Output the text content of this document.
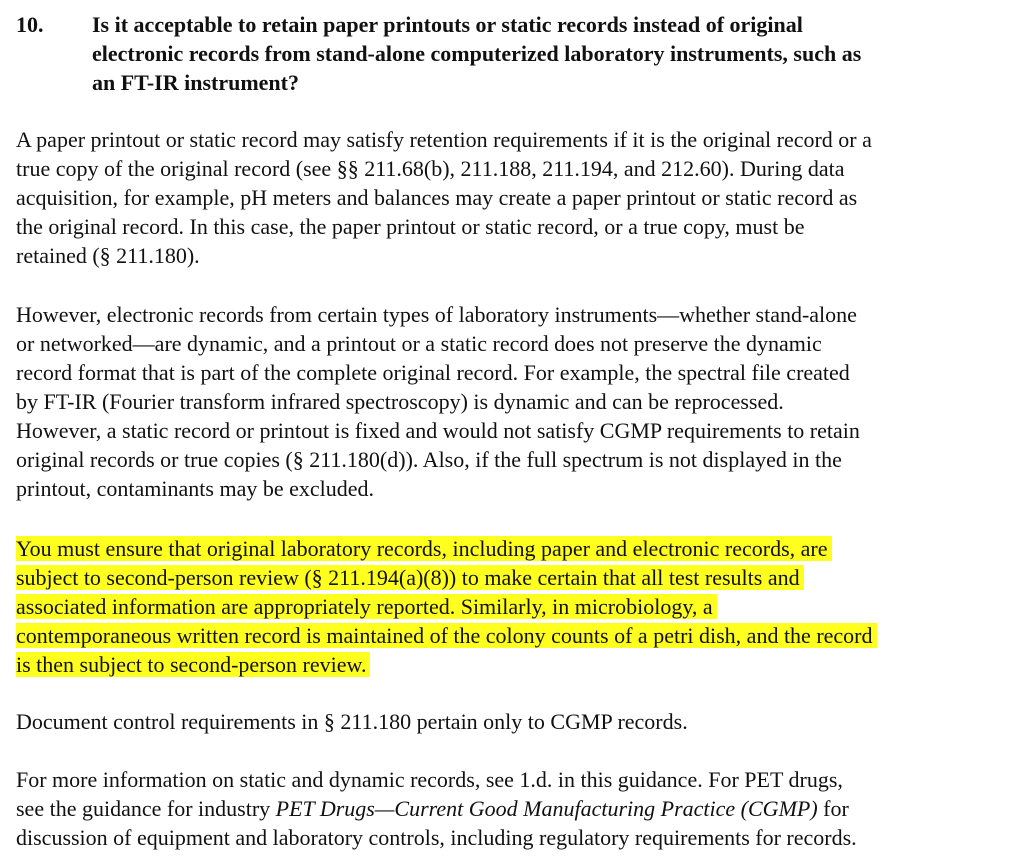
10. Is it acceptable to retain paper printouts or static records instead of original
electronic records from stand-alone computerized laboratory instruments, such as
an FT-IR instrument?

A paper printout or static record may satisfy retention requirements if it is the original record or a
true copy of the original record (see §§ 211.68(b), 211.188, 211.194, and 212.60). During data
acquisition, for example, pH meters and balances may create a paper printout or static record as
the original record. In this case, the paper printout or static record, or a true copy, must be
retained (§ 211.180).

However, electronic records from certain types of laboratory instruments—whether stand-alone
or networked—are dynamic, and a printout or a static record does not preserve the dynamic
record format that is part of the complete original record. For example, the spectral file created
by FT-IR (Fourier transform infrared spectroscopy) is dynamic and can be reprocessed.
However, a static record or printout is fixed and would not satisfy CGMP requirements to retain
original records or true copies (§ 211.180(d)). Also, if the full spectrum is not displayed in the
printout, contaminants may be excluded.

You must ensure that original laboratory records, including paper and electronic records, are
subject to second-person review (§ 211.194(a)(8)) to make certain that all test results and
associated information are appropriately reported. Similarly, in microbiology, a
contemporaneous written record is maintained of the colony counts of a petri dish, and the record
is then subject to second-person review.

Document control requirements in § 211.180 pertain only to CGMP records.

For more information on static and dynamic records, see 1.d. in this guidance. For PET drugs,
see the guidance for industry PET Drugs—Current Good Manufacturing Practice (CGMP) for
discussion of equipment and laboratory controls, including regulatory requirements for records.
